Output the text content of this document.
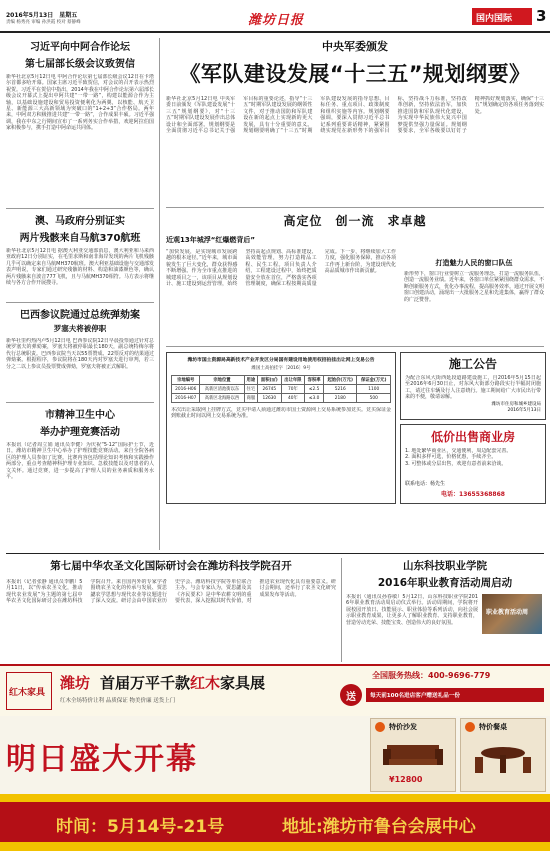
2016年5月13日　星期五
责编 杨秀亮 审编 孙洪霞 校对 蔡静峰	潍坊日报	国内国际 3
习近平向中阿合作论坛
第七届部长级会议致贺信
新华社北京5月12日电 中阿合作论坛第七届部长级会议12日在卡塔尔首都多哈开幕。国家主席习近平致贺信，对会议的召开表示热烈祝贺。习近平在贺信中指出，2014年我在中阿合作论坛第六届部长级会议开幕式上提出中阿共建“一带一路”，构建以能源合作为主轴，以基础设施建设和贸易投资便利化为两翼，以核能、航天卫星、新能源三大高新领域为突破口的“1+2+3”合作格局。两年来，中阿双方积极推进共建“一带一路”，合作成果丰硕。习近平强调，我在中东之行期间宣布了一系列务实合作举措，欢迎阿拉伯国家积极参与，携手打造中阿命运共同体。
澳、马政府分别证实
两片残骸来自马航370航班
新华社北京5月12日电 据澳大利亚交通部消息，澳大利亚和马来西亚政府12日分别证实，在毛里求斯和南非海岸发现的两片飞机残骸几乎可以确定来自马航MH370航班。澳大利亚基础设施与交通部发表声明说，专家们通过研究残骸的材料、构造和油漆颜色等，确认两片残骸来自波音777飞机，且与马航MH370相符。马方表示将继续与各方合作开展搜寻。
巴西参议院通过总统弹劾案
罗塞夫将被停职
新华社里约热内卢5月12日电 巴西参议院12日早晨投票通过针对总统罗塞夫的弹劾案，罗塞夫将被停职最长180天，副总统特梅尔将代行总统职责。巴西参议院当天以55票赞成、22票反对的结果通过弹劾案。根据程序，参议院将在180天内对罗塞夫进行审判，若三分之二以上参议员投票赞成弹劾，罗塞夫将被正式解职。
市精神卫生中心
举办护理竞赛活动
本报讯（记者周立娟 通讯员李健）为庆祝“5·12”国际护士节，近日，潍坊市精神卫生中心举办了护理技能竞赛活动。来自全院各病区的护理人员参加了比赛。比赛内容包括理论知识考核和实践操作两部分，重点考查精神科护理专业知识、急救技能以及对患者的人文关怀。通过竞赛，进一步提高了护理人员的业务素质和服务水平。
中央军委颁发
《军队建设发展“十三五”规划纲要》
新华社北京5月12日电 中央军委日前颁发《军队建设发展“十三五”规划纲要》，对“十三五”时期军队建设发展作出总体设计和全面部署。规划纲要是全面贯彻习近平总书记关于强军目标的重要论述，指导“十三五”时期军队建设发展的纲领性文件，对于推动国防和军队建设在新的起点上实现新的更大发展，具有十分重要的意义。规划纲要明确了“十三五”时期军队建设发展的指导思想、目标任务、重点项目、政策制度和组织实施等内容。规划纲要强调，要深入贯彻习近平总书记系列重要讲话精神，紧紧围绕实现党在新形势下的强军目标，坚持战斗力标准，坚持改革创新，坚持依法治军，加快推进国防和军队现代化建设，为实现中华民族伟大复兴中国梦提供坚强力量保证。规划纲要要求，全军各级要以钉钉子精神抓好规划落实，确保“十三五”规划确定的各项任务落到实处。
高定位　创一流　求卓越
近观13年城浮“红爆燃背后”
“加快发展，是实现城市发展跨越的根本途径。”近年来，城市面貌发生了巨大变化，群众获得感不断增强。作为全市重点推进的城建项目之一，该项目从规划设计、施工建设到运营管理，始终坚持高起点规划、高标准建设、高效能管理，努力打造精品工程、民生工程。项目负责人介绍，工程建设过程中，始终把质量安全放在首位，严格落实各项管理制度，确保工程按期高质量完成。下一步，将继续加大工作力度，强化服务保障，推动各项工作再上新台阶，为建设现代化高品质城市作出新贡献。
打造魅力人民的窗口队伍
新形势下，窗口行业要树立一流服务理念，打造一流服务队伍，创造一流服务业绩。近年来，各窗口单位紧紧围绕群众需求，不断创新服务方式，优化办事流程，提高服务效率。通过开展文明窗口创建活动，涌现出一大批服务之星和先进集体，赢得了群众的广泛赞誉。
潍坊市国土资源局高新技术产业开发区分局国有建设用地使用权招拍挂出让网上交易公告
潍国土高拍挂字〔2016〕9号
宗地编号	宗地位置	用途	面积(㎡)	出让年限	容积率	起始价(万元)	保证金(万元)
2016-H06	高新区清池街以东	住宅	26745	70年	≤2.5	5216	1100
2016-H07	高新区北海路以西	商服	12630	40年	≤3.0	2180	500
本次出让采取网上挂牌方式，竞买申请人须通过潍坊市国土资源网上交易系统参加竞买。竞买保证金到账截止时间以网上交易系统为准。
施工公告
为配合东风大街西延段道路建设施工，自2016年5月15日起至2016年6月30日止，对东风大街部分路段实行半幅封闭施工，请过往车辆及行人注意绕行。施工期间给广大市民出行带来的不便，敬请谅解。
潍坊市住房和城乡建设局
2016年5月13日
低价出售商业房
1. 地处繁华商业区，交通便利，周边配套完善。
2. 面积多样可选，价格优惠，手续齐全。
3. 可整体或分层出售，欢迎有意者前来洽谈。
联系电话：杨先生
电话：13655368868
第七届中华农圣文化国际研讨会在潍坊科技学院召开
本报讯（记者张静 通讯员李鹏）5月11日，以“传承农圣文化，推动现代农业发展”为主题的第七届中华农圣文化国际研讨会在潍坊科技学院召开。来自国内外的专家学者围绕农圣文化的传承与发展、贾思勰农学思想与现代农业等议题进行了深入交流。研讨会由中国农业历史学会、潍坊科技学院等单位联合主办。与会专家认为，贾思勰及其《齐民要术》是中华农耕文明的重要代表，深入挖掘其时代价值，对推进农业现代化具有重要意义。研讨会期间，还举行了农圣文化研究成果发布等活动。
山东科技职业学院
2016年职业教育活动周启动
本报讯（通讯员孙春敏）5月12日，山东科技职业学院2016年职业教育活动周启动仪式举行。活动周期间，学院将开展校园开放日、技能展示、职业体验等系列活动，向社会展示职业教育成果，让更多人了解职业教育、支持职业教育，营造劳动光荣、技能宝贵、创造伟大的良好氛围。
职业教育活动周
红木家具
潍坊 首届万平千款红木家具展
红木全场特价让利 品质保证 物美价廉 送货上门
全国服务热线：400-9696-779
送	每天前100名进店客户赠送礼品一份
明日盛大开幕
特价沙发
¥12800
特价餐桌
时间：5月14号-21号	地址:潍坊市鲁台会展中心
